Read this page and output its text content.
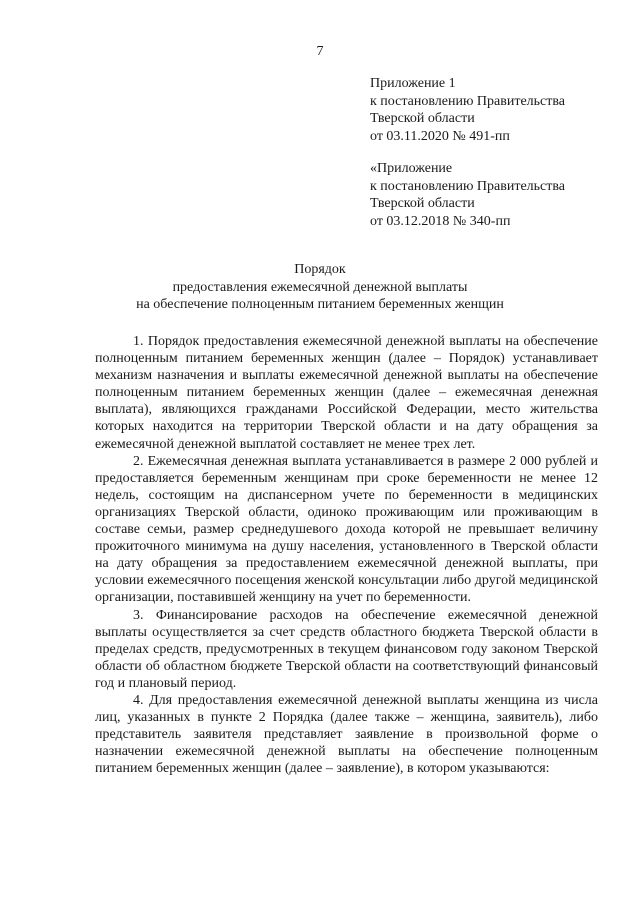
7
Приложение 1
к постановлению Правительства
Тверской области
от 03.11.2020 № 491-пп
«Приложение
к постановлению Правительства
Тверской области
от 03.12.2018 № 340-пп
Порядок
предоставления ежемесячной денежной выплаты
на обеспечение полноценным питанием беременных женщин

1. Порядок предоставления ежемесячной денежной выплаты на обеспечение полноценным питанием беременных женщин (далее – Порядок) устанавливает механизм назначения и выплаты ежемесячной денежной выплаты на обеспечение полноценным питанием беременных женщин (далее – ежемесячная денежная выплата), являющихся гражданами Российской Федерации, место жительства которых находится на территории Тверской области и на дату обращения за ежемесячной денежной выплатой составляет не менее трех лет.

2. Ежемесячная денежная выплата устанавливается в размере 2 000 рублей и предоставляется беременным женщинам при сроке беременности не менее 12 недель, состоящим на диспансерном учете по беременности в медицинских организациях Тверской области, одиноко проживающим или проживающим в составе семьи, размер среднедушевого дохода которой не превышает величину прожиточного минимума на душу населения, установленного в Тверской области на дату обращения за предоставлением ежемесячной денежной выплаты, при условии ежемесячного посещения женской консультации либо другой медицинской организации, поставившей женщину на учет по беременности.

3. Финансирование расходов на обеспечение ежемесячной денежной выплаты осуществляется за счет средств областного бюджета Тверской области в пределах средств, предусмотренных в текущем финансовом году законом Тверской области об областном бюджете Тверской области на соответствующий финансовый год и плановый период.

4. Для предоставления ежемесячной денежной выплаты женщина из числа лиц, указанных в пункте 2 Порядка (далее также – женщина, заявитель), либо представитель заявителя представляет заявление в произвольной форме о назначении ежемесячной денежной выплаты на обеспечение полноценным питанием беременных женщин (далее – заявление), в котором указываются:
